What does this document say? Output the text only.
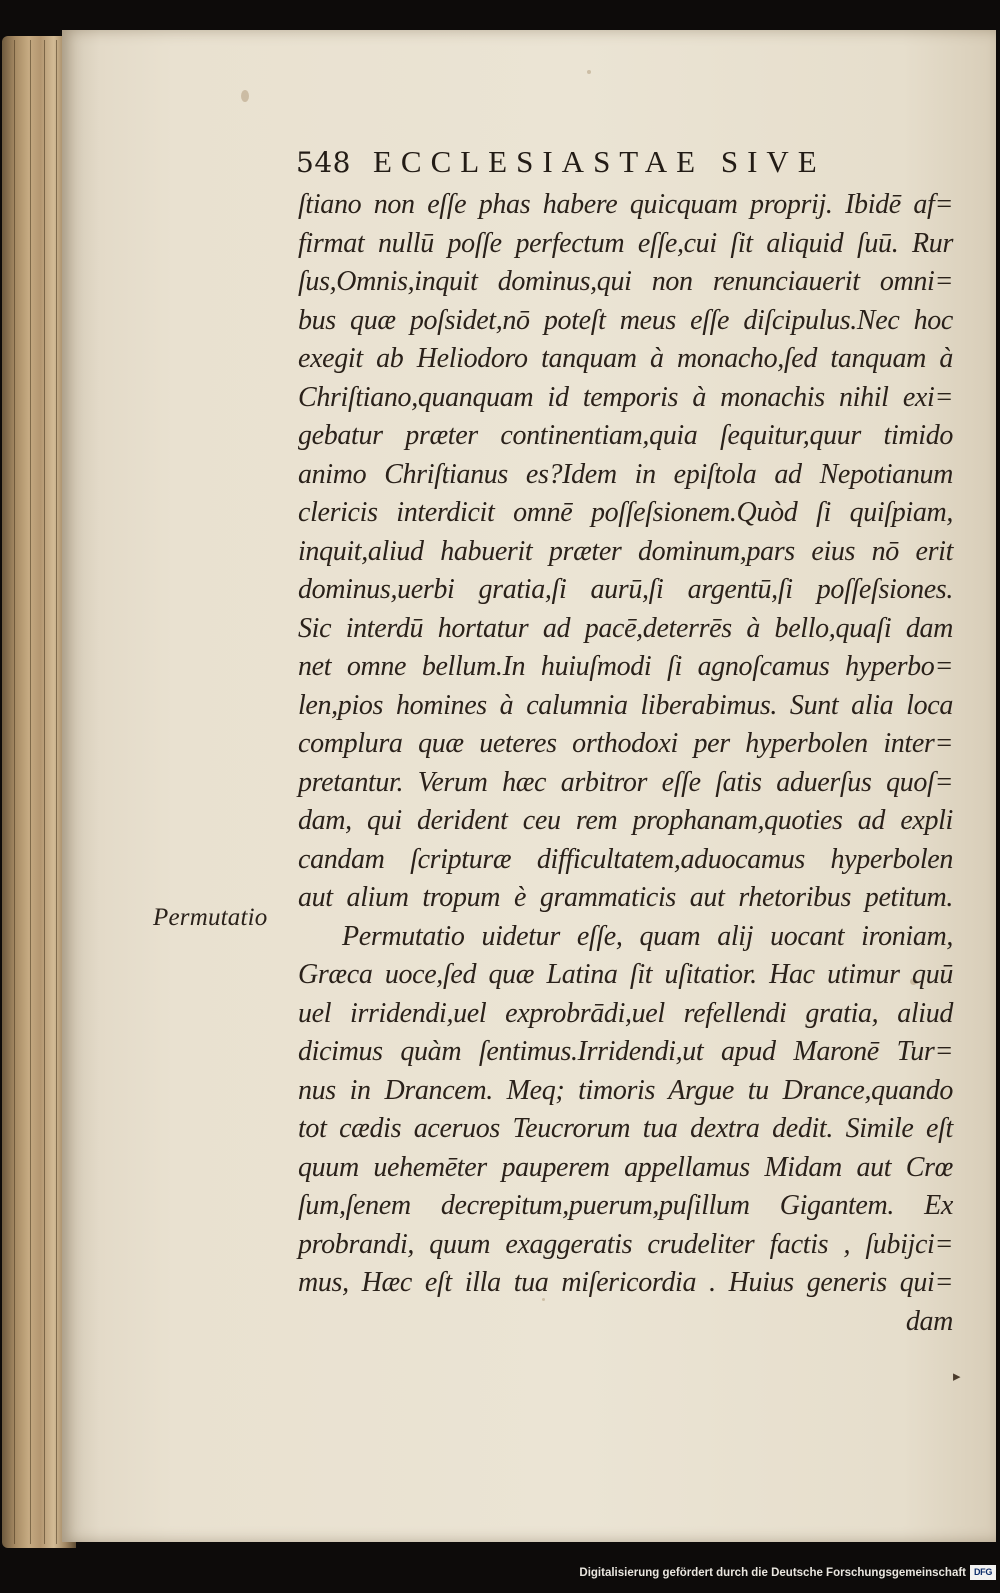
548 ECCLESIASTAE SIVE
Permutatio
ſtiano non eſſe phas habere quicquam proprij. Ibidē af=
firmat nullū poſſe perfectum eſſe,cui ſit aliquid ſuū. Rur
ſus,Omnis,inquit dominus,qui non renunciauerit omni=
bus quæ poſsidet,nō poteſt meus eſſe diſcipulus.Nec hoc
exegit ab Heliodoro tanquam à monacho,ſed tanquam à
Chriſtiano,quanquam id temporis à monachis nihil exi=
gebatur præter continentiam,quia ſequitur,quur timido
animo Chriſtianus es?Idem in epiſtola ad Nepotianum
clericis interdicit omnē poſſeſsionem.Quòd ſi quiſpiam,
inquit,aliud habuerit præter dominum,pars eius nō erit
dominus,uerbi gratia,ſi aurū,ſi argentū,ſi poſſeſsiones.
Sic interdū hortatur ad pacē,deterrēs à bello,quaſi dam
net omne bellum.In huiuſmodi ſi agnoſcamus hyperbo=
len,pios homines à calumnia liberabimus. Sunt alia loca
complura quæ ueteres orthodoxi per hyperbolen inter=
pretantur. Verum hæc arbitror eſſe ſatis aduerſus quoſ=
dam, qui derident ceu rem prophanam,quoties ad expli
candam ſcripturæ difficultatem,aduocamus hyperbolen
aut alium tropum è grammaticis aut rhetoribus petitum.
Permutatio uidetur eſſe, quam alij uocant ironiam,
Græca uoce,ſed quæ Latina ſit uſitatior. Hac utimur quū
uel irridendi,uel exprobrādi,uel refellendi gratia, aliud
dicimus quàm ſentimus.Irridendi,ut apud Maronē Tur=
nus in Drancem. Meq; timoris Argue tu Drance,quando
tot cædis aceruos Teucrorum tua dextra dedit. Simile eſt
quum uehemēter pauperem appellamus Midam aut Crœ
ſum,ſenem decrepitum,puerum,puſillum Gigantem. Ex
probrandi, quum exaggeratis crudeliter factis , ſubijci=
mus, Hæc eſt illa tua miſericordia . Huius generis qui=
dam
▸
Digitalisierung gefördert durch die Deutsche Forschungsgemeinschaft DFG
